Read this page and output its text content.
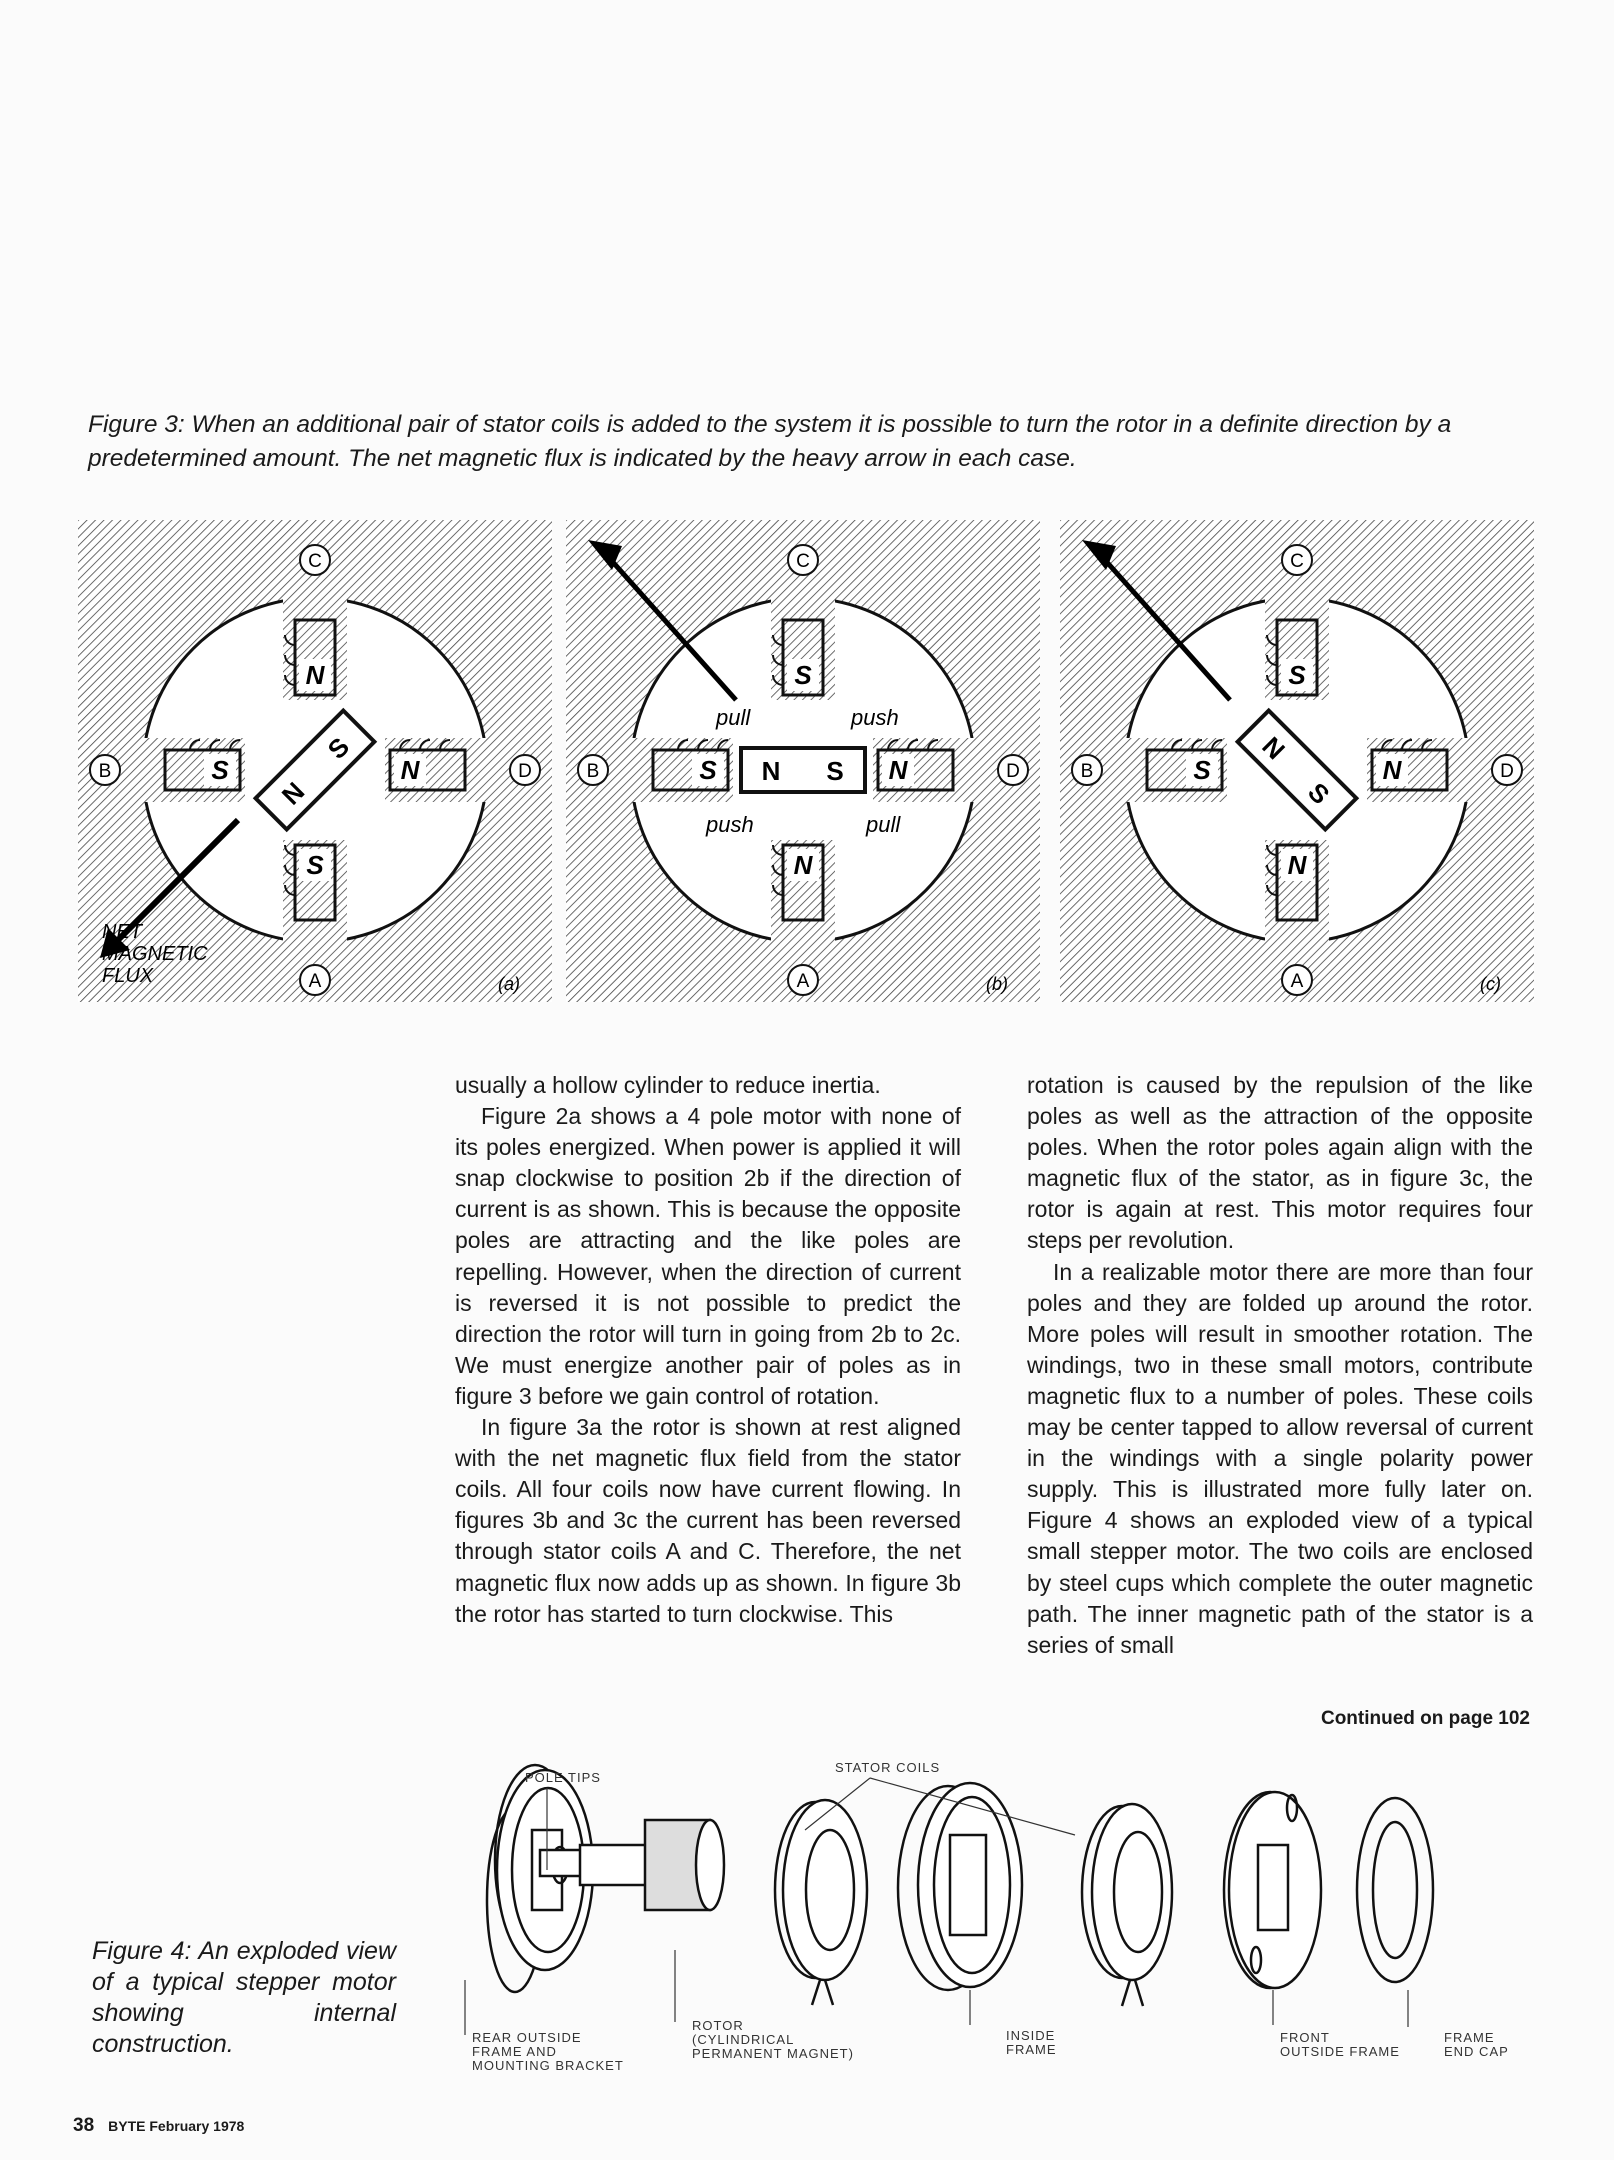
Figure 3: When an additional pair of stator coils is added to the system it is possible to turn the rotor in a definite direction by a predetermined amount. The net magnetic flux is indicated by the heavy arrow in each case.
N
C
S
A
S
B	N	D
N
S
NET
MAGNETIC
FLUX	(a)
S
C
N
A
S
B	N	D
N S
pull	push
push	pull
(b)
S
C
N
A
S
B	N	D
N
S
(c)

usually a hollow cylinder to reduce inertia.

Figure 2a shows a 4 pole motor with none of its poles energized. When power is applied it will snap clockwise to position 2b if the direction of current is as shown. This is because the opposite poles are attracting and the like poles are repelling. However, when the direction of current is reversed it is not possible to predict the direction the rotor will turn in going from 2b to 2c. We must energize another pair of poles as in figure 3 before we gain control of rotation.

In figure 3a the rotor is shown at rest aligned with the net magnetic flux field from the stator coils. All four coils now have current flowing. In figures 3b and 3c the current has been reversed through stator coils A and C. Therefore, the net magnetic flux now adds up as shown. In figure 3b the rotor has started to turn clockwise. This

rotation is caused by the repulsion of the like poles as well as the attraction of the opposite poles. When the rotor poles again align with the magnetic flux of the stator, as in figure 3c, the rotor is again at rest. This motor requires four steps per revolution.

In a realizable motor there are more than four poles and they are folded up around the rotor. More poles will result in smoother rotation. The windings, two in these small motors, contribute magnetic flux to a number of poles. These coils may be center tapped to allow reversal of current in the windings with a single polarity power supply. This is illustrated more fully later on. Figure 4 shows an exploded view of a typical small stepper motor. The two coils are enclosed by steel cups which complete the outer magnetic path. The inner magnetic path of the stator is a series of small

Continued on page 102
Figure 4: An exploded view of a typical stepper motor showing internal construction.
POLE TIPS
STATOR COILS
REAR OUTSIDE
FRAME AND
MOUNTING BRACKET
ROTOR
(CYLINDRICAL
PERMANENT MAGNET)
INSIDE
FRAME
FRONT
OUTSIDE FRAME
FRAME
END CAP
38 BYTE February 1978
